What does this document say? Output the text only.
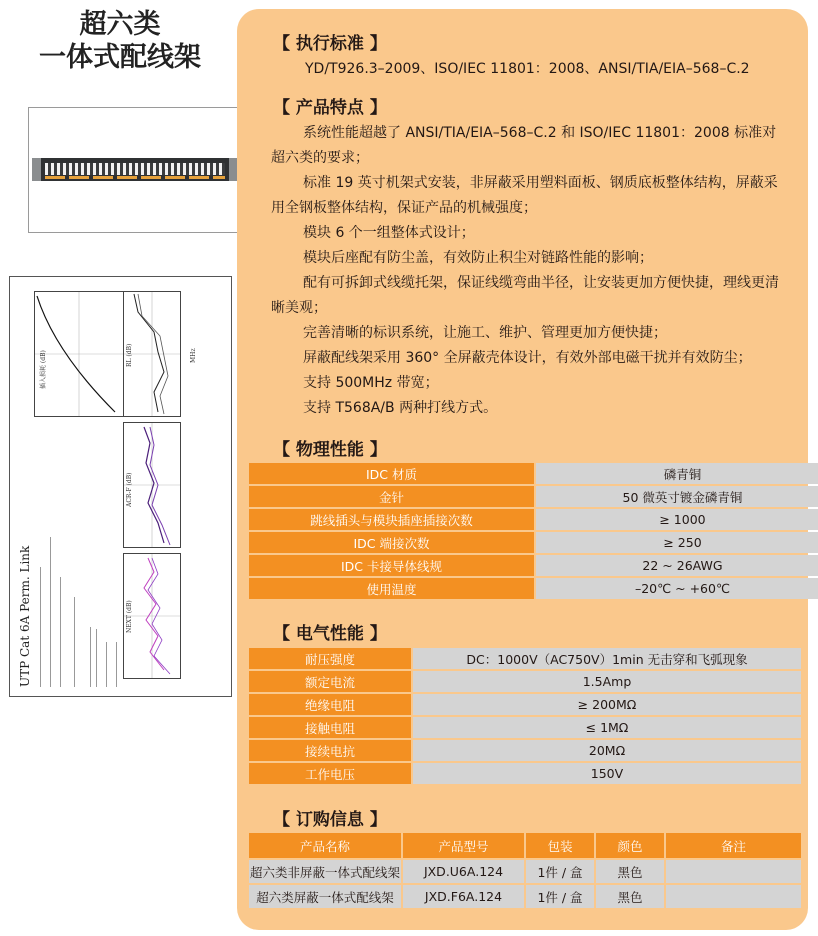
超六类
一体式配线架
UTP Cat 6A Perm. Link
插入损耗 (dB)	RL (dB)
ACR-F (dB)
NEXT (dB)
MHz
【 执行标准 】
YD/T926.3–2009、ISO/IEC 11801：2008、ANSI/TIA/EIA–568–C.2
【 产品特点 】
系统性能超越了 ANSI/TIA/EIA–568–C.2 和 ISO/IEC 11801：2008 标准对超六类的要求；
标准 19 英寸机架式安装，非屏蔽采用塑料面板、钢质底板整体结构，屏蔽采用全钢板整体结构，保证产品的机械强度；
模块 6 个一组整体式设计；
模块后座配有防尘盖，有效防止积尘对链路性能的影响；
配有可拆卸式线缆托架，保证线缆弯曲半径，让安装更加方便快捷，理线更清晰美观；
完善清晰的标识系统，让施工、维护、管理更加方便快捷；
屏蔽配线架采用 360° 全屏蔽壳体设计，有效外部电磁干扰并有效防尘；
支持 500MHz 带宽；
支持 T568A/B 两种打线方式。
【 物理性能 】
IDC 材质	磷青铜
金针	50 微英寸镀金磷青铜
跳线插头与模块插座插接次数	≥ 1000
IDC 端接次数	≥ 250
IDC 卡接导体线规	22 ~ 26AWG
使用温度	–20℃ ~ +60℃
【 电气性能 】
耐压强度	DC：1000V（AC750V）1min 无击穿和飞弧现象
额定电流	1.5Amp
绝缘电阻	≥ 200MΩ
接触电阻	≤ 1MΩ
接续电抗	20MΩ
工作电压	150V
【 订购信息 】
产品名称	产品型号	包装	颜色	备注
超六类非屏蔽一体式配线架	JXD.U6A.124	1件 / 盒	黑色	
超六类屏蔽一体式配线架	JXD.F6A.124	1件 / 盒	黑色	
